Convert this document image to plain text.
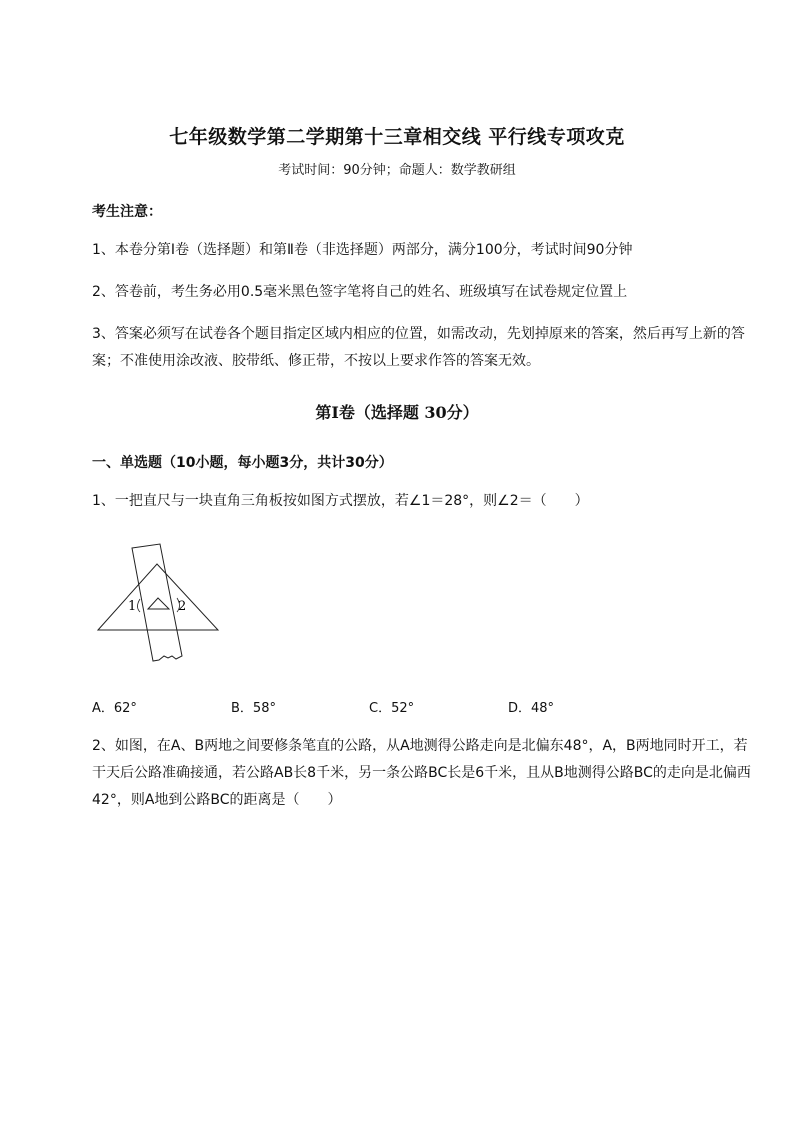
七年级数学第二学期第十三章相交线 平行线专项攻克
考试时间：90分钟；命题人：数学教研组
考生注意：
1、本卷分第I卷（选择题）和第Ⅱ卷（非选择题）两部分，满分100分，考试时间90分钟
2、答卷前，考生务必用0.5毫米黑色签字笔将自己的姓名、班级填写在试卷规定位置上
3、答案必须写在试卷各个题目指定区域内相应的位置，如需改动，先划掉原来的答案，然后再写上新的答案；不准使用涂改液、胶带纸、修正带，不按以上要求作答的答案无效。
第I卷（选择题 30分）
一、单选题（10小题，每小题3分，共计30分）
1、一把直尺与一块直角三角板按如图方式摆放，若∠1＝28°，则∠2＝（　　）
1	2
A．62°	B．58°	C．52°	D．48°
2、如图，在A、B两地之间要修条笔直的公路，从A地测得公路走向是北偏东48°，A，B两地同时开工，若干天后公路准确接通，若公路AB长8千米，另一条公路BC长是6千米，且从B地测得公路BC的走向是北偏西42°，则A地到公路BC的距离是（　　）
